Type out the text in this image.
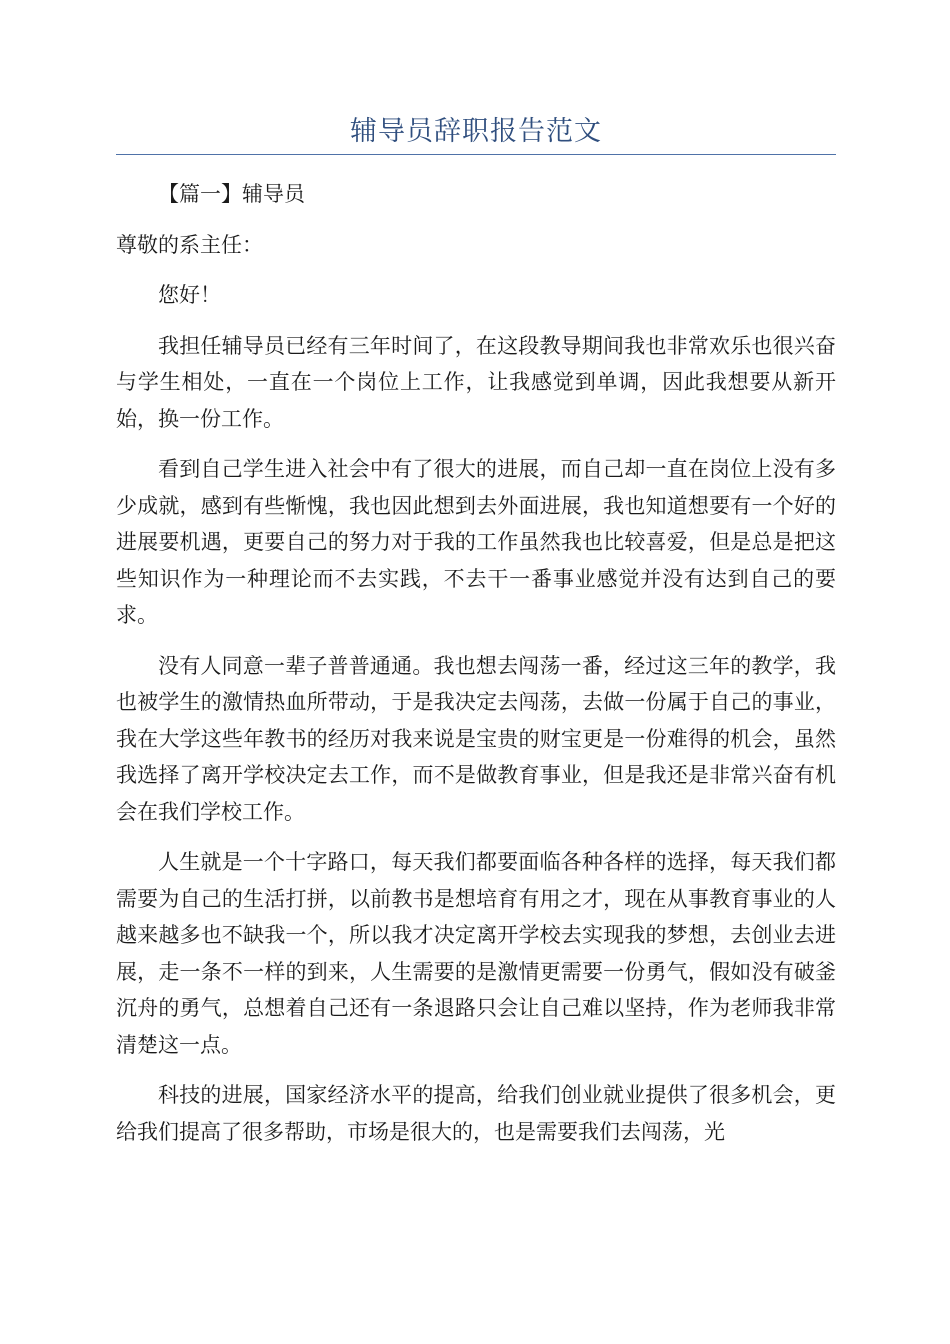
辅导员辞职报告范文

【篇一】辅导员

尊敬的系主任：

您好！

我担任辅导员已经有三年时间了，在这段教导期间我也非常欢乐也很兴奋与学生相处，一直在一个岗位上工作，让我感觉到单调，因此我想要从新开始，换一份工作。

看到自己学生进入社会中有了很大的进展，而自己却一直在岗位上没有多少成就，感到有些惭愧，我也因此想到去外面进展，我也知道想要有一个好的进展要机遇，更要自己的努力对于我的工作虽然我也比较喜爱，但是总是把这些知识作为一种理论而不去实践，不去干一番事业感觉并没有达到自己的要求。

没有人同意一辈子普普通通。我也想去闯荡一番，经过这三年的教学，我也被学生的激情热血所带动，于是我决定去闯荡，去做一份属于自己的事业，我在大学这些年教书的经历对我来说是宝贵的财宝更是一份难得的机会，虽然我选择了离开学校决定去工作，而不是做教育事业，但是我还是非常兴奋有机会在我们学校工作。

人生就是一个十字路口，每天我们都要面临各种各样的选择，每天我们都需要为自己的生活打拼，以前教书是想培育有用之才，现在从事教育事业的人越来越多也不缺我一个，所以我才决定离开学校去实现我的梦想，去创业去进展，走一条不一样的到来，人生需要的是激情更需要一份勇气，假如没有破釜沉舟的勇气，总想着自己还有一条退路只会让自己难以坚持，作为老师我非常清楚这一点。

科技的进展，国家经济水平的提高，给我们创业就业提供了很多机会，更给我们提高了很多帮助，市场是很大的，也是需要我们去闯荡，光
